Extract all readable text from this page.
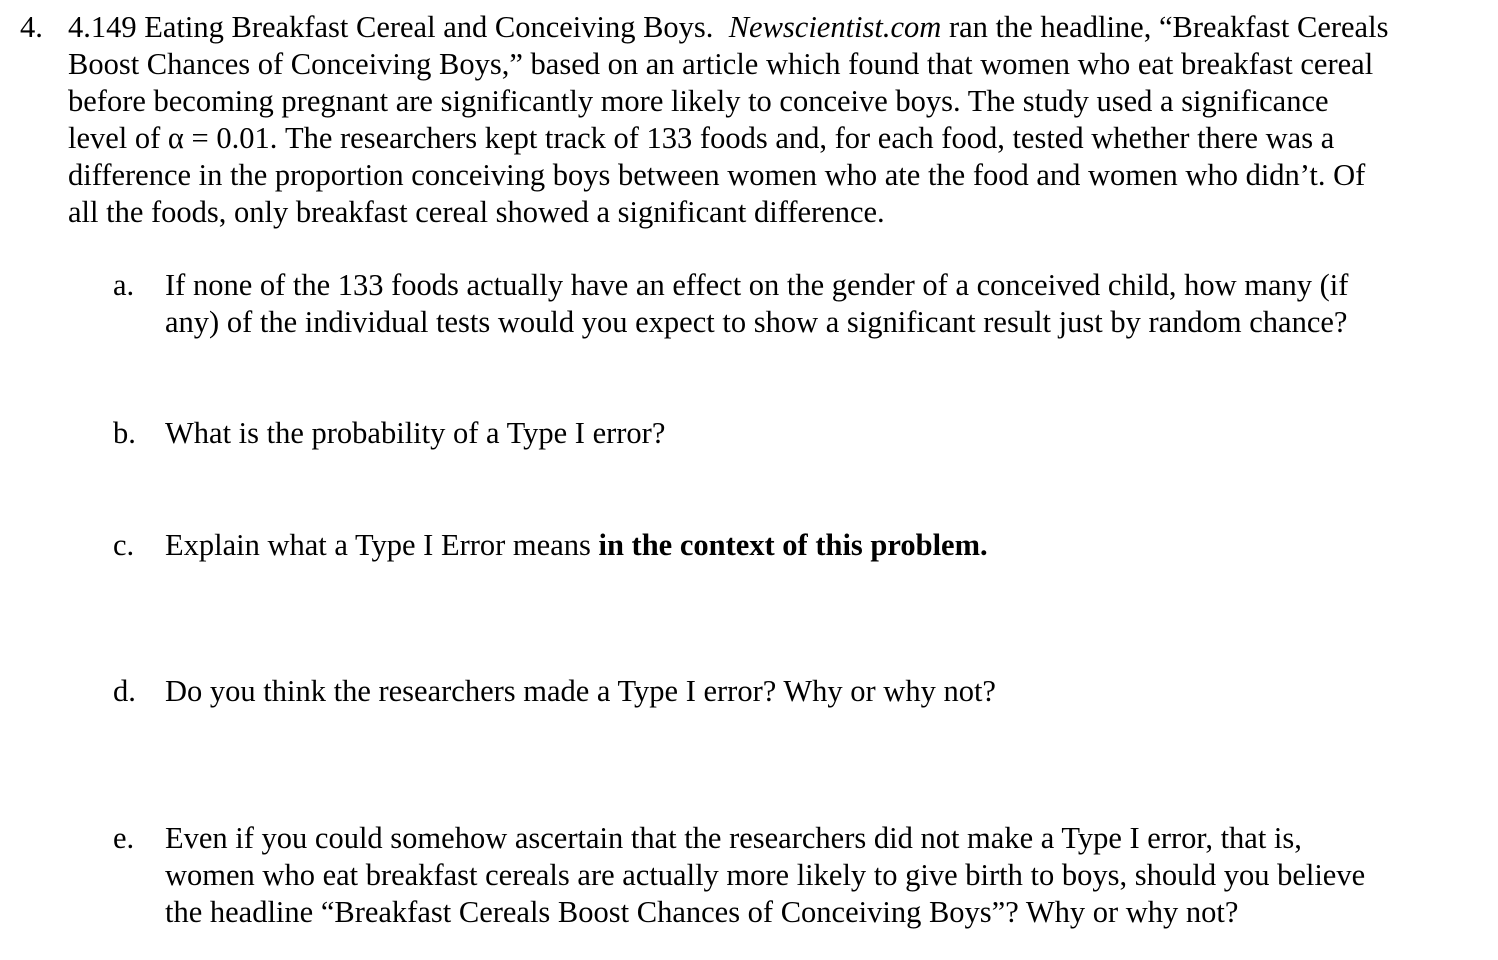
4. 4.149 Eating Breakfast Cereal and Conceiving Boys. Newscientist.com ran the headline, “Breakfast Cereals

Boost Chances of Conceiving Boys,” based on an article which found that women who eat breakfast cereal

before becoming pregnant are significantly more likely to conceive boys. The study used a significance

level of α = 0.01. The researchers kept track of 133 foods and, for each food, tested whether there was a

difference in the proportion conceiving boys between women who ate the food and women who didn’t. Of

all the foods, only breakfast cereal showed a significant difference.

a. If none of the 133 foods actually have an effect on the gender of a conceived child, how many (if
any) of the individual tests would you expect to show a significant result just by random chance?

b. What is the probability of a Type I error?

c. Explain what a Type I Error means in the context of this problem.

d. Do you think the researchers made a Type I error? Why or why not?

e. Even if you could somehow ascertain that the researchers did not make a Type I error, that is,
women who eat breakfast cereals are actually more likely to give birth to boys, should you believe
the headline “Breakfast Cereals Boost Chances of Conceiving Boys”? Why or why not?
